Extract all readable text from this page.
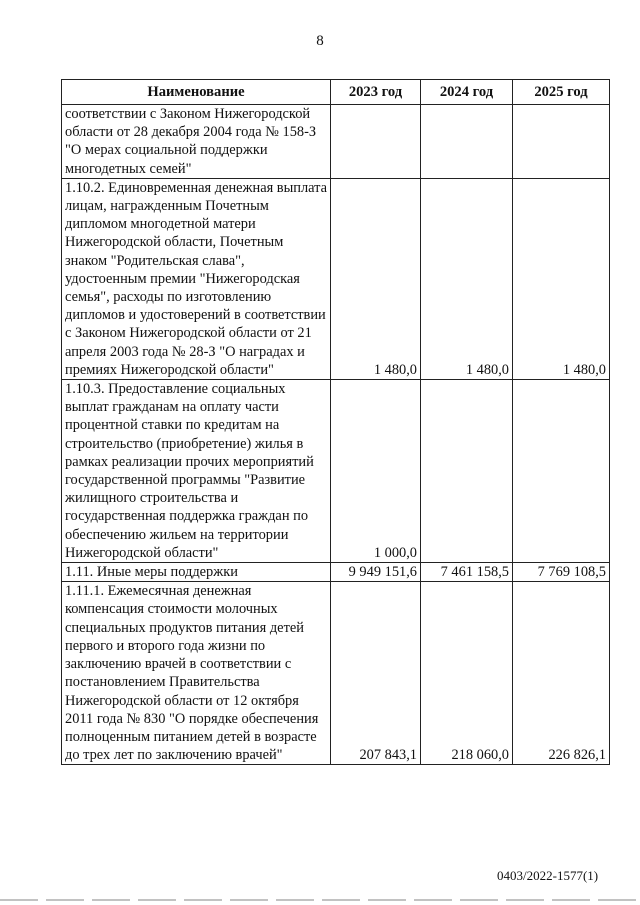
8
Наименование	2023 год	2024 год	2025 год
соответствии с Законом Нижегородской области от 28 декабря 2004 года № 158-З "О мерах социальной поддержки многодетных семей"			
1.10.2. Единовременная денежная выплата лицам, награжденным Почетным дипломом многодетной матери Нижегородской области, Почетным знаком "Родительская слава", удостоенным премии "Нижегородская семья", расходы по изготовлению дипломов и удостоверений в соответствии с Законом Нижегородской области от 21 апреля 2003 года № 28-З "О наградах и премиях Нижегородской области"	1 480,0	1 480,0	1 480,0
1.10.3. Предоставление социальных выплат гражданам на оплату части процентной ставки по кредитам на строительство (приобретение) жилья в рамках реализации прочих мероприятий государственной программы "Развитие жилищного строительства и государственная поддержка граждан по обеспечению жильем на территории Нижегородской области"	1 000,0		
1.11. Иные меры поддержки	9 949 151,6	7 461 158,5	7 769 108,5
1.11.1. Ежемесячная денежная компенсация стоимости молочных специальных продуктов питания детей первого и второго года жизни по заключению врачей в соответствии с постановлением Правительства Нижегородской области от 12 октября 2011 года № 830 "О порядке обеспечения полноценным питанием детей в возрасте до трех лет по заключению врачей"	207 843,1	218 060,0	226 826,1
0403/2022-1577(1)
